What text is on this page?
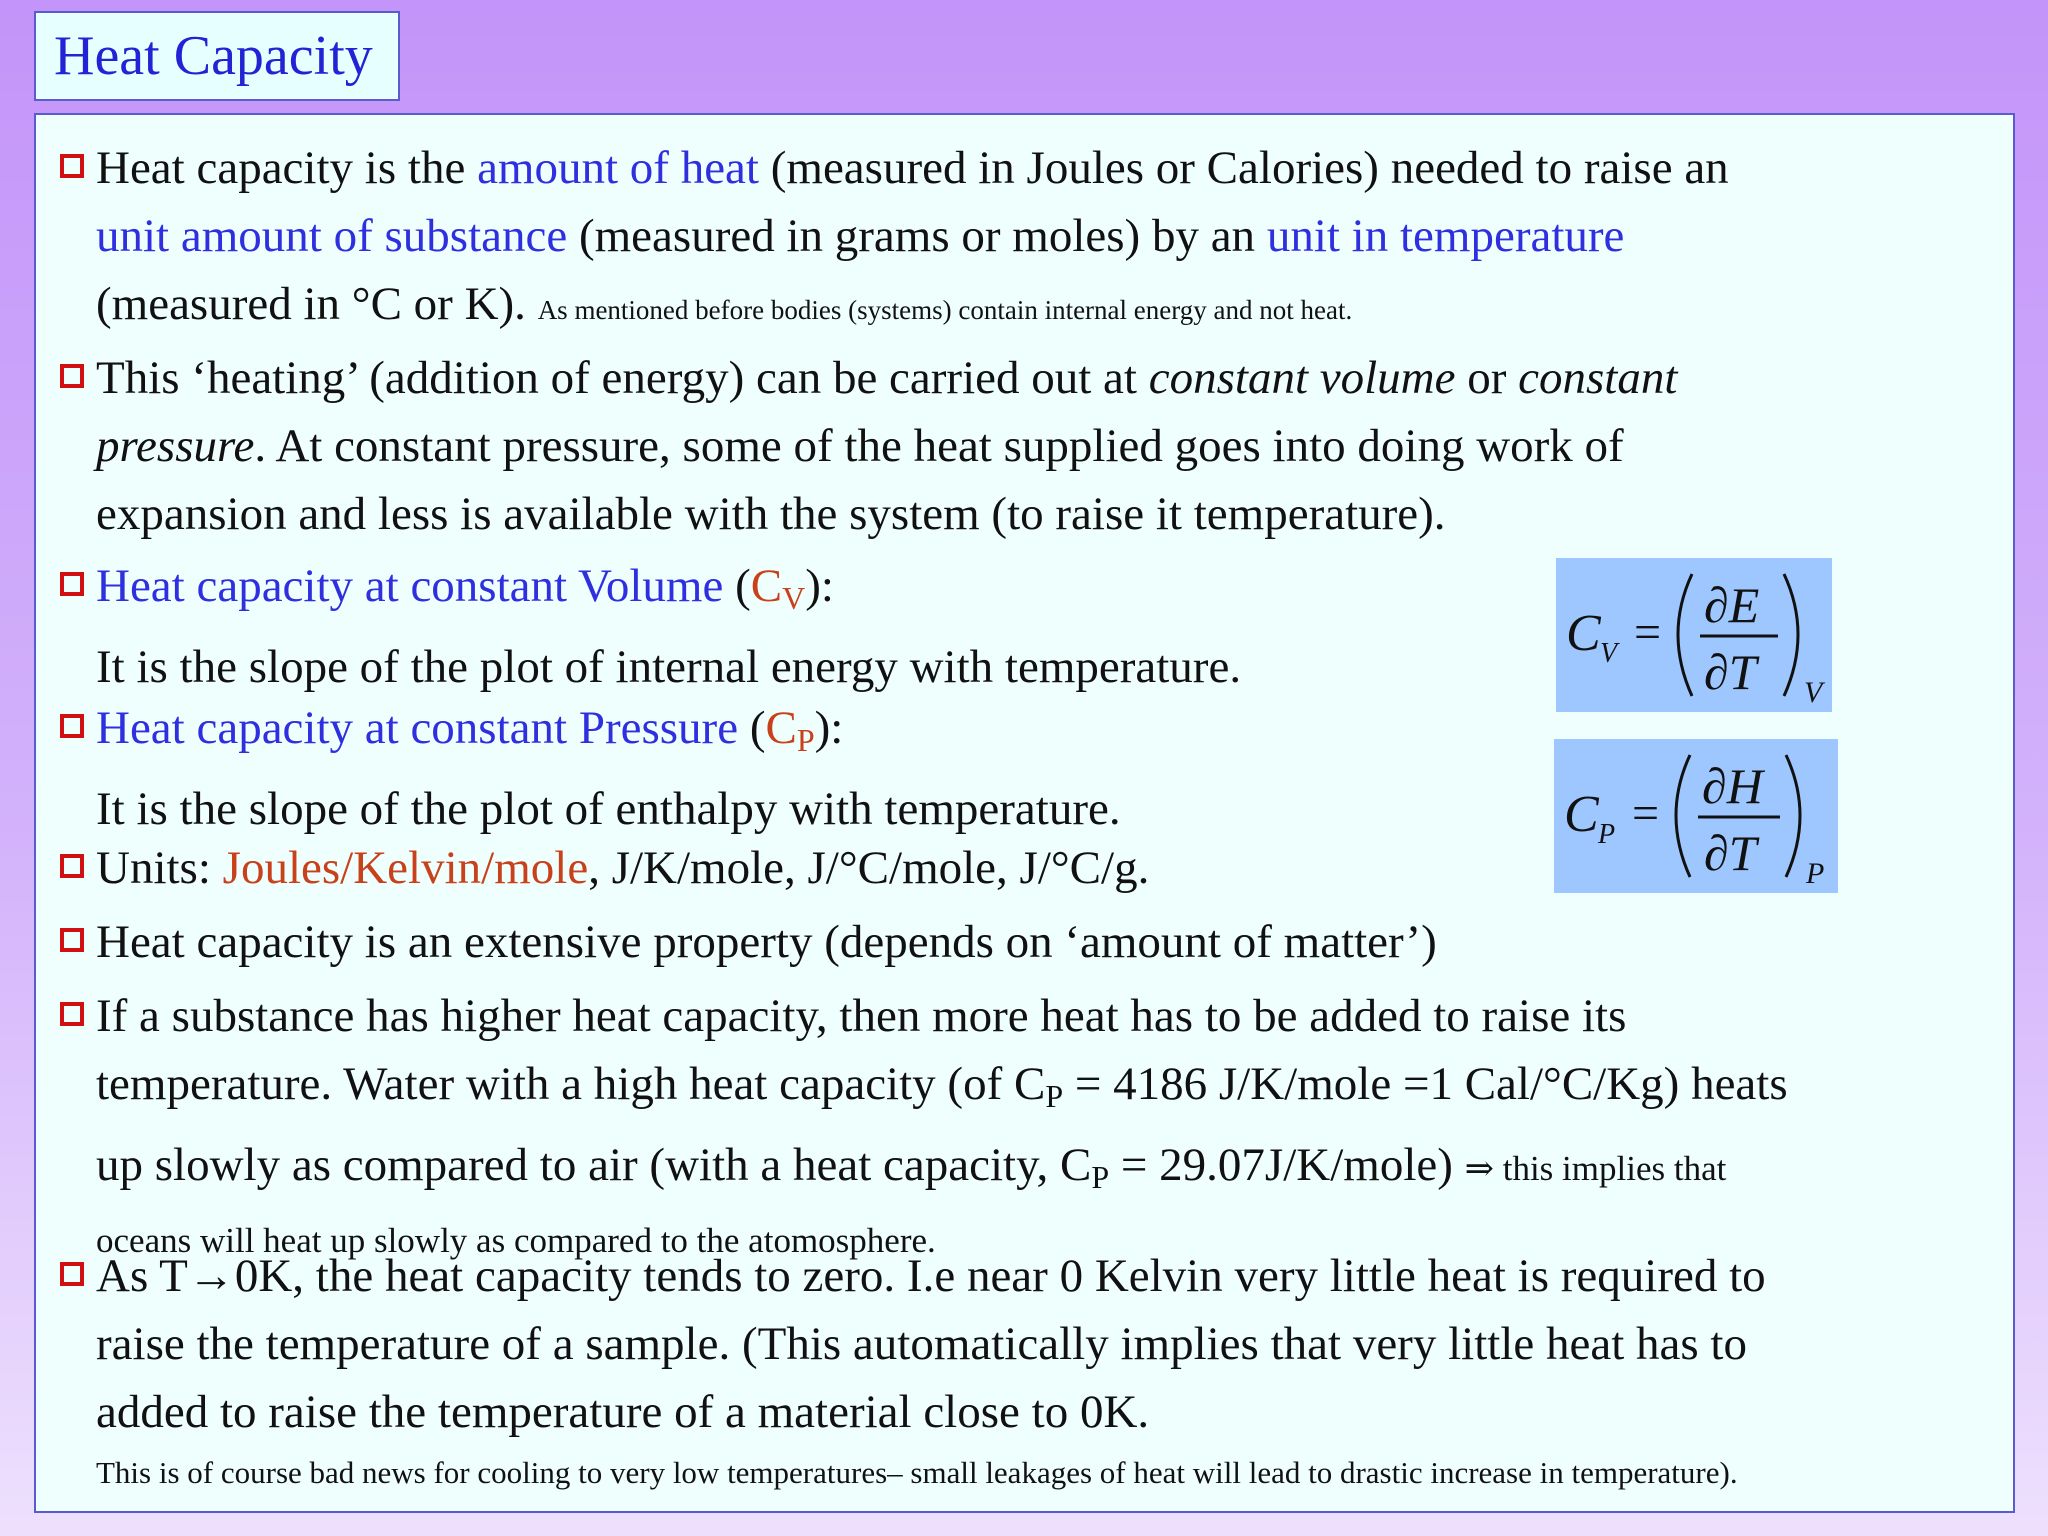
Heat Capacity
Heat capacity is the amount of heat (measured in Joules or Calories) needed to raise an
unit amount of substance (measured in grams or moles) by an unit in temperature
(measured in °C or K). As mentioned before bodies (systems) contain internal energy and not heat.
This ‘heating’ (addition of energy) can be carried out at constant volume or constant
pressure. At constant pressure, some of the heat supplied goes into doing work of
expansion and less is available with the system (to raise it temperature).
Heat capacity at constant Volume $(C_V)$:
It is the slope of the plot of internal energy with temperature.
Heat capacity at constant Pressure $(C_P)$:
It is the slope of the plot of enthalpy with temperature.
Units: Joules/Kelvin/mole, J/K/mole, J/°C/mole, J/°C/g.
Heat capacity is an extensive property (depends on ‘amount of matter’)
If a substance has higher heat capacity, then more heat has to be added to raise its
temperature. Water with a high heat capacity (of $C_P = 4186$ J/K/mole =1 Cal/°C/Kg) heats
up slowly as compared to air (with a heat capacity, $C_P$ = 29.07J/K/mole) ⇒ this implies that
oceans will heat up slowly as compared to the atomosphere.
As T→0K, the heat capacity tends to zero. I.e near 0 Kelvin very little heat is required to
raise the temperature of a sample. (This automatically implies that very little heat has to
added to raise the temperature of a material close to 0K.
This is of course bad news for cooling to very low temperatures– small leakages of heat will lead to drastic increase in temperature).
C V = ∂E
∂T V
C P = ∂H
∂T P
